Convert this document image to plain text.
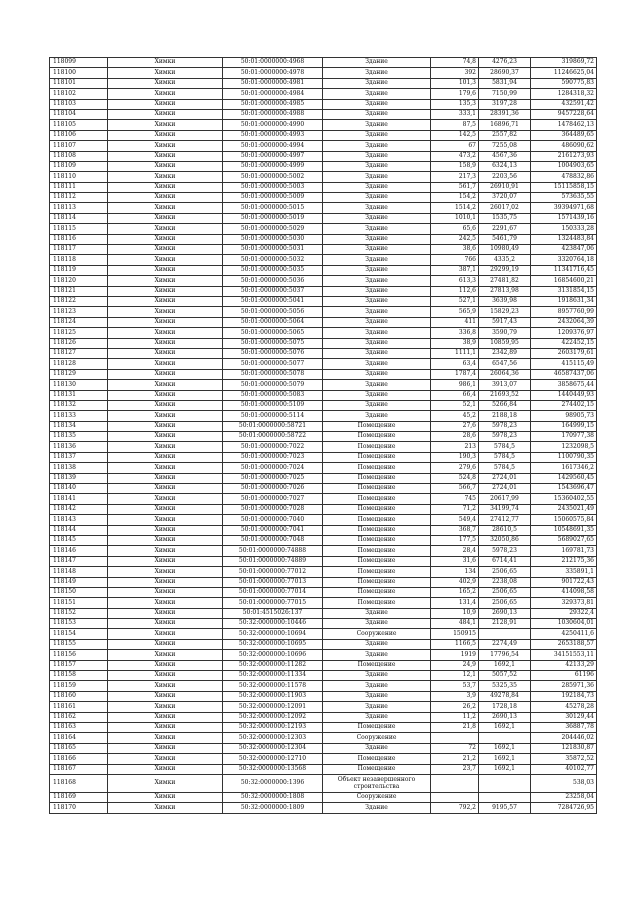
118099	Химки	50:01:0000000:4968	Здание	74,8	4276,23	319869,72
118100	Химки	50:01:0000000:4978	Здание	392	28690,37	11246625,04
118101	Химки	50:01:0000000:4981	Здание	101,3	5831,94	590775,83
118102	Химки	50:01:0000000:4984	Здание	179,6	7150,99	1284318,32
118103	Химки	50:01:0000000:4985	Здание	135,3	3197,28	432591,42
118104	Химки	50:01:0000000:4988	Здание	333,1	28391,36	9457228,64
118105	Химки	50:01:0000000:4990	Здание	87,5	16896,71	1478462,13
118106	Химки	50:01:0000000:4993	Здание	142,5	2557,82	364489,65
118107	Химки	50:01:0000000:4994	Здание	67	7255,08	486090,62
118108	Химки	50:01:0000000:4997	Здание	473,2	4567,36	2161273,93
118109	Химки	50:01:0000000:4999	Здание	158,9	6324,13	1004903,65
118110	Химки	50:01:0000000:5002	Здание	217,3	2203,56	478832,86
118111	Химки	50:01:0000000:5003	Здание	561,7	26910,91	15115858,15
118112	Химки	50:01:0000000:5009	Здание	154,2	3720,07	573635,55
118113	Химки	50:01:0000000:5015	Здание	1514,2	26017,02	39394971,68
118114	Химки	50:01:0000000:5019	Здание	1010,1	1535,75	1571439,16
118115	Химки	50:01:0000000:5029	Здание	65,6	2291,67	150333,28
118116	Химки	50:01:0000000:5030	Здание	242,5	5461,79	1324483,84
118117	Химки	50:01:0000000:5031	Здание	38,6	10980,49	423847,06
118118	Химки	50:01:0000000:5032	Здание	766	4335,2	3320764,18
118119	Химки	50:01:0000000:5035	Здание	387,1	29299,19	11341716,45
118120	Химки	50:01:0000000:5036	Здание	613,3	27481,82	16854600,21
118121	Химки	50:01:0000000:5037	Здание	112,6	27813,98	3131854,15
118122	Химки	50:01:0000000:5041	Здание	527,1	3639,98	1918631,34
118123	Химки	50:01:0000000:5056	Здание	565,9	15829,23	8957760,99
118124	Химки	50:01:0000000:5064	Здание	411	5917,43	2432064,39
118125	Химки	50:01:0000000:5065	Здание	336,8	3590,79	1209376,97
118126	Химки	50:01:0000000:5075	Здание	38,9	10859,95	422452,15
118127	Химки	50:01:0000000:5076	Здание	1111,1	2342,89	2603179,61
118128	Химки	50:01:0000000:5077	Здание	63,4	6547,56	415115,49
118129	Химки	50:01:0000000:5078	Здание	1787,4	26064,36	46587437,06
118130	Химки	50:01:0000000:5079	Здание	986,1	3913,07	3858675,44
118131	Химки	50:01:0000000:5083	Здание	66,4	21693,52	1440449,93
118132	Химки	50:01:0000000:5109	Здание	52,1	5266,84	274402,15
118133	Химки	50:01:0000000:5114	Здание	45,2	2188,18	98905,73
118134	Химки	50:01:0000000:58721	Помещение	27,6	5978,23	164999,15
118135	Химки	50:01:0000000:58722	Помещение	28,6	5978,23	170977,38
118136	Химки	50:01:0000000:7022	Помещение	213	5784,5	1232098,5
118137	Химки	50:01:0000000:7023	Помещение	190,3	5784,5	1100790,35
118138	Химки	50:01:0000000:7024	Помещение	279,6	5784,5	1617346,2
118139	Химки	50:01:0000000:7025	Помещение	524,8	2724,01	1429560,45
118140	Химки	50:01:0000000:7026	Помещение	566,7	2724,01	1543696,47
118141	Химки	50:01:0000000:7027	Помещение	745	20617,99	15360402,55
118142	Химки	50:01:0000000:7028	Помещение	71,2	34199,74	2435021,49
118143	Химки	50:01:0000000:7040	Помещение	549,4	27412,77	15060575,84
118144	Химки	50:01:0000000:7041	Помещение	368,7	28610,5	10548691,35
118145	Химки	50:01:0000000:7048	Помещение	177,5	32050,86	5689027,65
118146	Химки	50:01:0000000:74888	Помещение	28,4	5978,23	169781,73
118147	Химки	50:01:0000000:74889	Помещение	31,6	6714,41	212175,36
118148	Химки	50:01:0000000:77012	Помещение	134	2506,65	335891,1
118149	Химки	50:01:0000000:77013	Помещение	402,9	2238,08	901722,43
118150	Химки	50:01:0000000:77014	Помещение	165,2	2506,65	414098,58
118151	Химки	50:01:0000000:77015	Помещение	131,4	2506,65	329373,81
118152	Химки	50:01:4515026:137	Здание	10,9	2690,13	29322,4
118153	Химки	50:32:0000000:10446	Здание	484,1	2128,91	1030604,01
118154	Химки	50:32:0000000:10694	Сооружение	150915		4250411,6
118155	Химки	50:32:0000000:10695	Здание	1166,5	2274,49	2653188,57
118156	Химки	50:32:0000000:10696	Здание	1919	17796,54	34151553,11
118157	Химки	50:32:0000000:11282	Помещение	24,9	1692,1	42133,29
118158	Химки	50:32:0000000:11334	Здание	12,1	5057,52	61196
118159	Химки	50:32:0000000:11578	Здание	53,7	5325,35	285971,36
118160	Химки	50:32:0000000:11903	Здание	3,9	49278,84	192184,73
118161	Химки	50:32:0000000:12091	Здание	26,2	1728,18	45278,28
118162	Химки	50:32:0000000:12092	Здание	11,2	2690,13	30129,44
118163	Химки	50:32:0000000:12193	Помещение	21,8	1692,1	36887,78
118164	Химки	50:32:0000000:12303	Сооружение			204446,02
118165	Химки	50:32:0000000:12304	Здание	72	1692,1	121830,87
118166	Химки	50:32:0000000:12710	Помещение	21,2	1692,1	35872,52
118167	Химки	50:32:0000000:13568	Помещение	23,7	1692,1	40102,77
118168	Химки	50:32:0000000:1396	Объект незавершенного строительства			538,03
118169	Химки	50:32:0000000:1808	Сооружение			23258,04
118170	Химки	50:32:0000000:1809	Здание	792,2	9195,57	7284726,95
